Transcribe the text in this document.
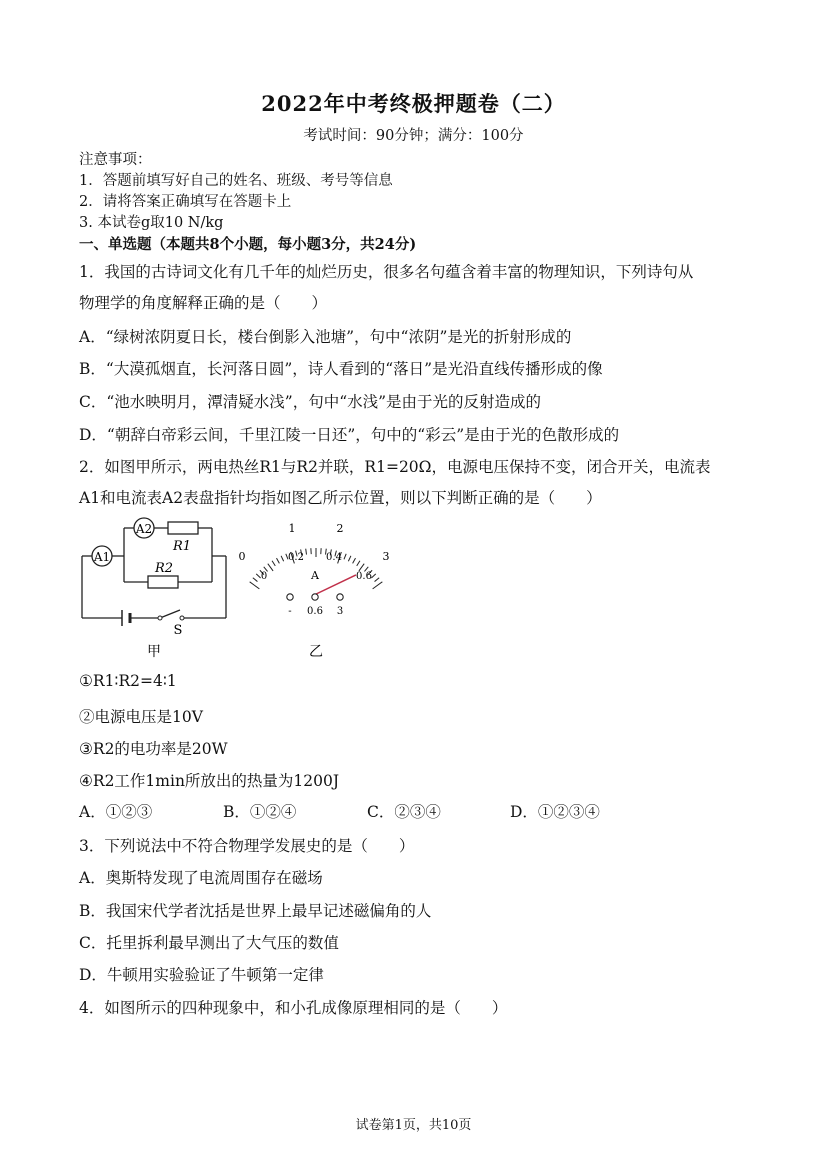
2022年中考终极押题卷（二）
考试时间：90分钟；满分：100分
注意事项：
1．答题前填写好自己的姓名、班级、考号等信息
2．请将答案正确填写在答题卡上
3. 本试卷g取10 N/kg
一、单选题（本题共8个小题，每小题3分，共24分)
1．我国的古诗词文化有几千年的灿烂历史，很多名句蕴含着丰富的物理知识，下列诗句从
物理学的角度解释正确的是（　　）
A．“绿树浓阴夏日长，楼台倒影入池塘”，句中“浓阴”是光的折射形成的
B．“大漠孤烟直，长河落日圆”，诗人看到的“落日”是光沿直线传播形成的像
C．“池水映明月，潭清疑水浅”，句中“水浅”是由于光的反射造成的
D．“朝辞白帝彩云间，千里江陵一日还”，句中的“彩云”是由于光的色散形成的
2．如图甲所示，两电热丝R1与R2并联，R1=20Ω，电源电压保持不变，闭合开关，电流表
A1和电流表A2表盘指针均指如图乙所示位置，则以下判断正确的是（　　）
A1
A2
R1
R2
S
甲
0
1	2
3
0
0.2 0.4
0.6
A
- 0.6 3
乙
①R1∶R2=4∶1
②电源电压是10V
③R2的电功率是20W
④R2工作1min所放出的热量为1200J
A．①②③	B．①②④	C．②③④	D．①②③④
3．下列说法中不符合物理学发展史的是（　　）
A．奥斯特发现了电流周围存在磁场
B．我国宋代学者沈括是世界上最早记述磁偏角的人
C．托里拆利最早测出了大气压的数值
D．牛顿用实验验证了牛顿第一定律
4．如图所示的四种现象中，和小孔成像原理相同的是（　　）
试卷第1页，共10页
